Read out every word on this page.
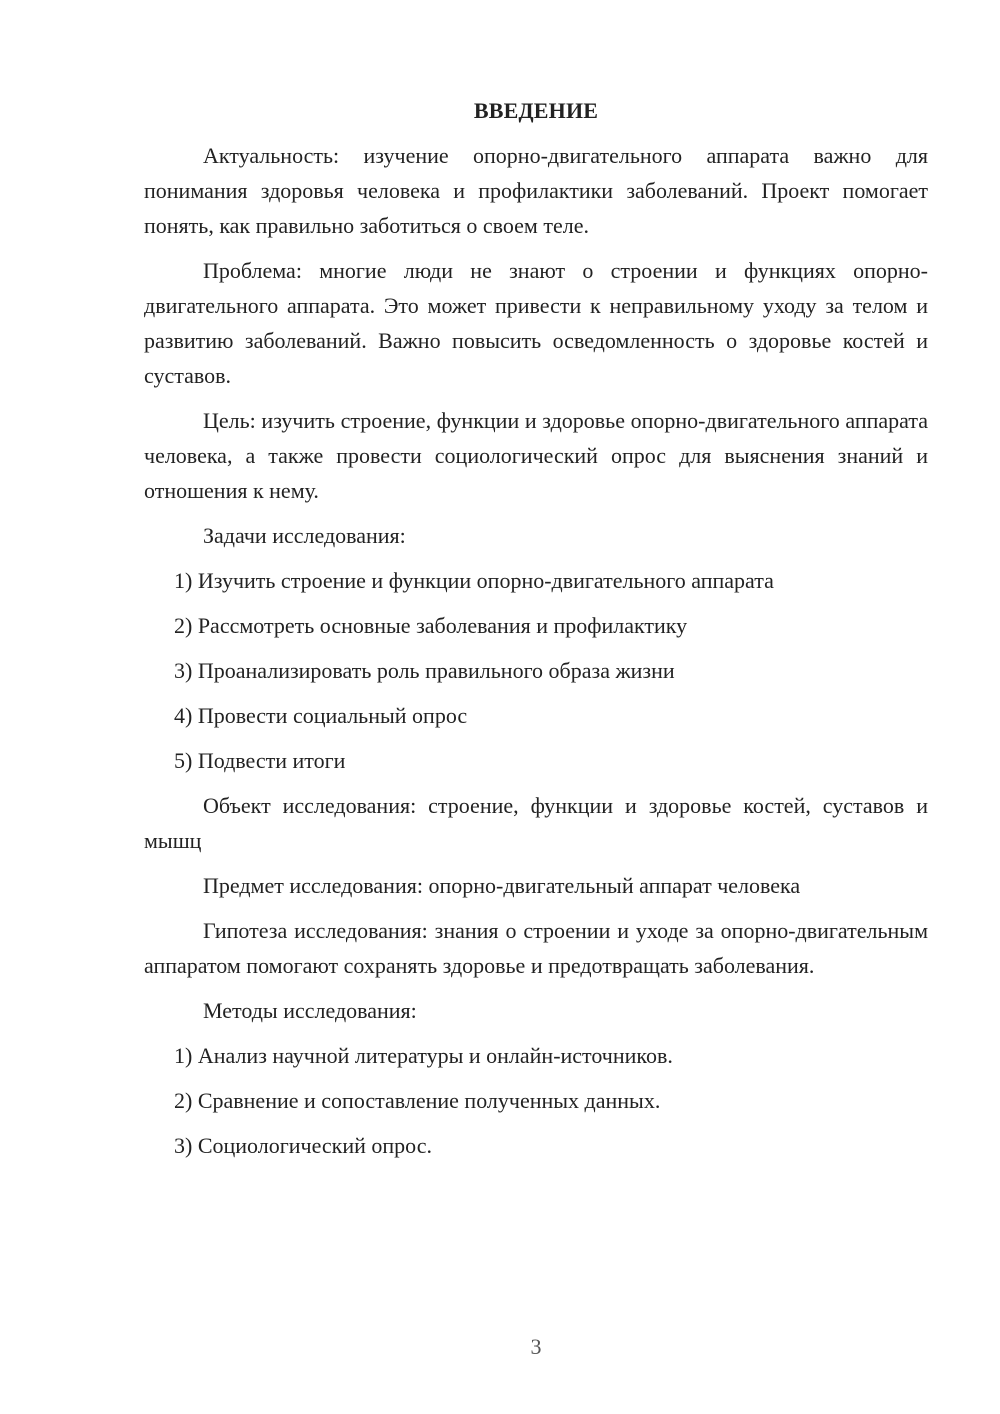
ВВЕДЕНИЕ

Актуальность: изучение опорно-двигательного аппарата важно для понимания здоровья человека и профилактики заболеваний. Проект помогает понять, как правильно заботиться о своем теле.

Проблема: многие люди не знают о строении и функциях опорно-двигательного аппарата. Это может привести к неправильному уходу за телом и развитию заболеваний. Важно повысить осведомленность о здоровье костей и суставов.

Цель: изучить строение, функции и здоровье опорно-двигательного аппарата человека, а также провести социологический опрос для выяснения знаний и отношения к нему.

Задачи исследования:

1) Изучить строение и функции опорно-двигательного аппарата
2) Рассмотреть основные заболевания и профилактику
3) Проанализировать роль правильного образа жизни
4) Провести социальный опрос
5) Подвести итоги

Объект исследования: строение, функции и здоровье костей, суставов и мышц

Предмет исследования: опорно-двигательный аппарат человека

Гипотеза исследования: знания о строении и уходе за опорно-двигательным аппаратом помогают сохранять здоровье и предотвращать заболевания.

Методы исследования:

1) Анализ научной литературы и онлайн-источников.
2) Сравнение и сопоставление полученных данных.
3) Социологический опрос.
3
